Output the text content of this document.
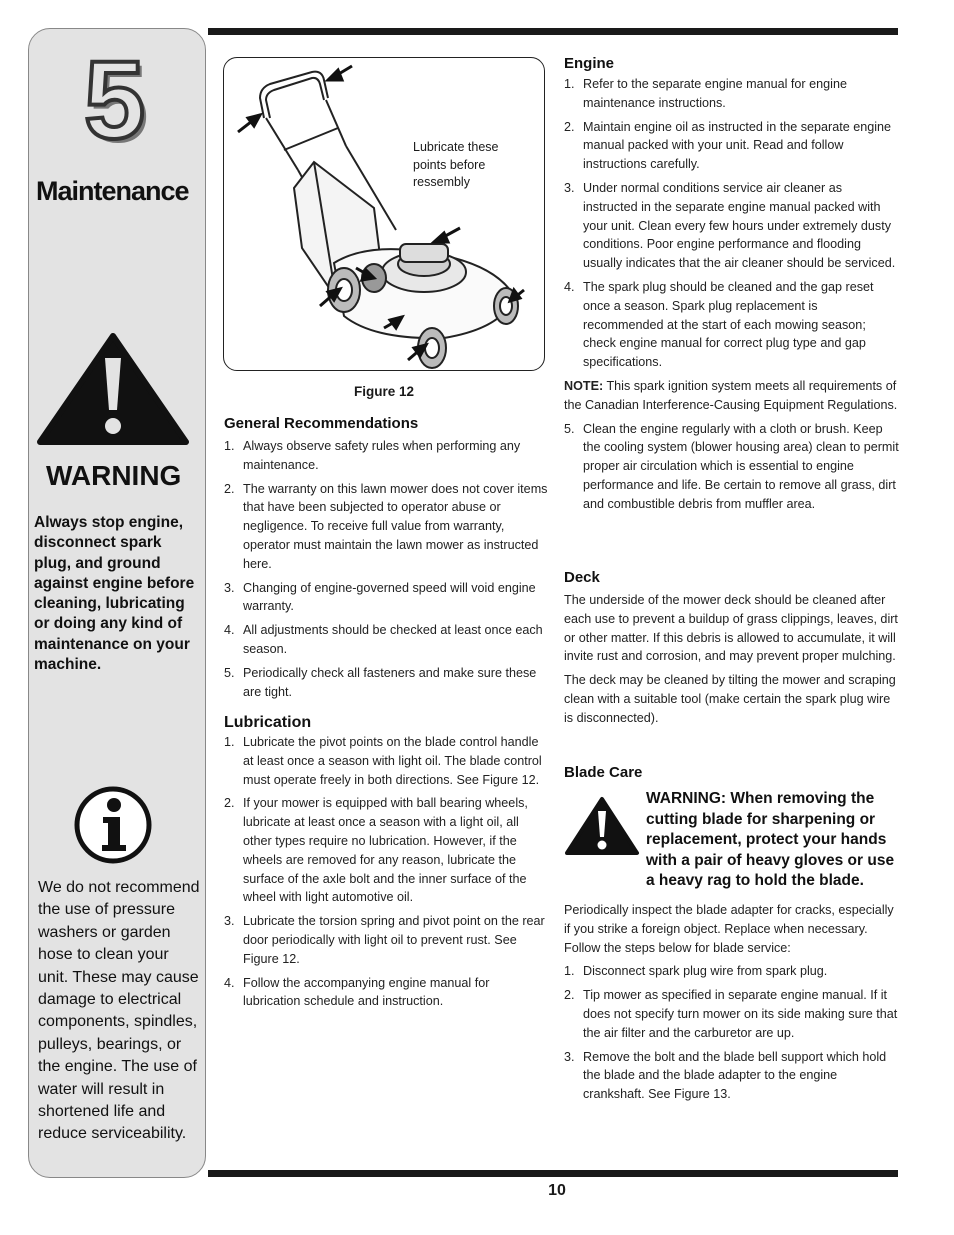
5
Maintenance
WARNING
Always stop engine, disconnect spark plug, and ground against engine before cleaning, lubricating or doing any kind of maintenance on your machine.
We do not recommend the use of pressure washers or garden hose to clean your unit. These may cause damage to electrical components, spindles, pulleys, bearings, or the engine. The use of water will result in shortened life and reduce serviceability.
Lubricate these points before ressembly
Figure 12
General Recommendations
1. Always observe safety rules when performing any maintenance.
2. The warranty on this lawn mower does not cover items that have been subjected to operator abuse or negligence. To receive full value from warranty, operator must maintain the lawn mower as instructed here.
3. Changing of engine-governed speed will void engine warranty.
4. All adjustments should be checked at least once each season.
5. Periodically check all fasteners and make sure these are tight.
Lubrication
1. Lubricate the pivot points on the blade control handle at least once a season with light oil. The blade control must operate freely in both directions. See Figure 12.
2. If your mower is equipped with ball bearing wheels, lubricate at least once a season with a light oil, all other types require no lubrication. However, if the wheels are removed for any reason, lubricate the surface of the axle bolt and the inner surface of the wheel with light automotive oil.
3. Lubricate the torsion spring and pivot point on the rear door periodically with light oil to prevent rust. See Figure 12.
4. Follow the accompanying engine manual for lubrication schedule and instruction.
Engine
1. Refer to the separate engine manual for engine maintenance instructions.
2. Maintain engine oil as instructed in the separate engine manual packed with your unit. Read and follow instructions carefully.
3. Under normal conditions service air cleaner as instructed in the separate engine manual packed with your unit. Clean every few hours under extremely dusty conditions. Poor engine performance and flooding usually indicates that the air cleaner should be serviced.
4. The spark plug should be cleaned and the gap reset once a season. Spark plug replacement is recommended at the start of each mowing season; check engine manual for correct plug type and gap specifications.

NOTE: This spark ignition system meets all requirements of the Canadian Interference-Causing Equipment Regulations.

5. Clean the engine regularly with a cloth or brush. Keep the cooling system (blower housing area) clean to permit proper air circulation which is essential to engine performance and life. Be certain to remove all grass, dirt and combustible debris from muffler area.
Deck

The underside of the mower deck should be cleaned after each use to prevent a buildup of grass clippings, leaves, dirt or other matter. If this debris is allowed to accumulate, it will invite rust and corrosion, and may prevent proper mulching.

The deck may be cleaned by tilting the mower and scraping clean with a suitable tool (make certain the spark plug wire is disconnected).

Blade Care
WARNING: When removing the cutting blade for sharpening or replacement, protect your hands with a pair of heavy gloves or use a heavy rag to hold the blade.

Periodically inspect the blade adapter for cracks, especially if you strike a foreign object. Replace when necessary. Follow the steps below for blade service:

1. Disconnect spark plug wire from spark plug.
2. Tip mower as specified in separate engine manual. If it does not specify turn mower on its side making sure that the air filter and the carburetor are up.
3. Remove the bolt and the blade bell support which hold the blade and the blade adapter to the engine crankshaft. See Figure 13.
10
